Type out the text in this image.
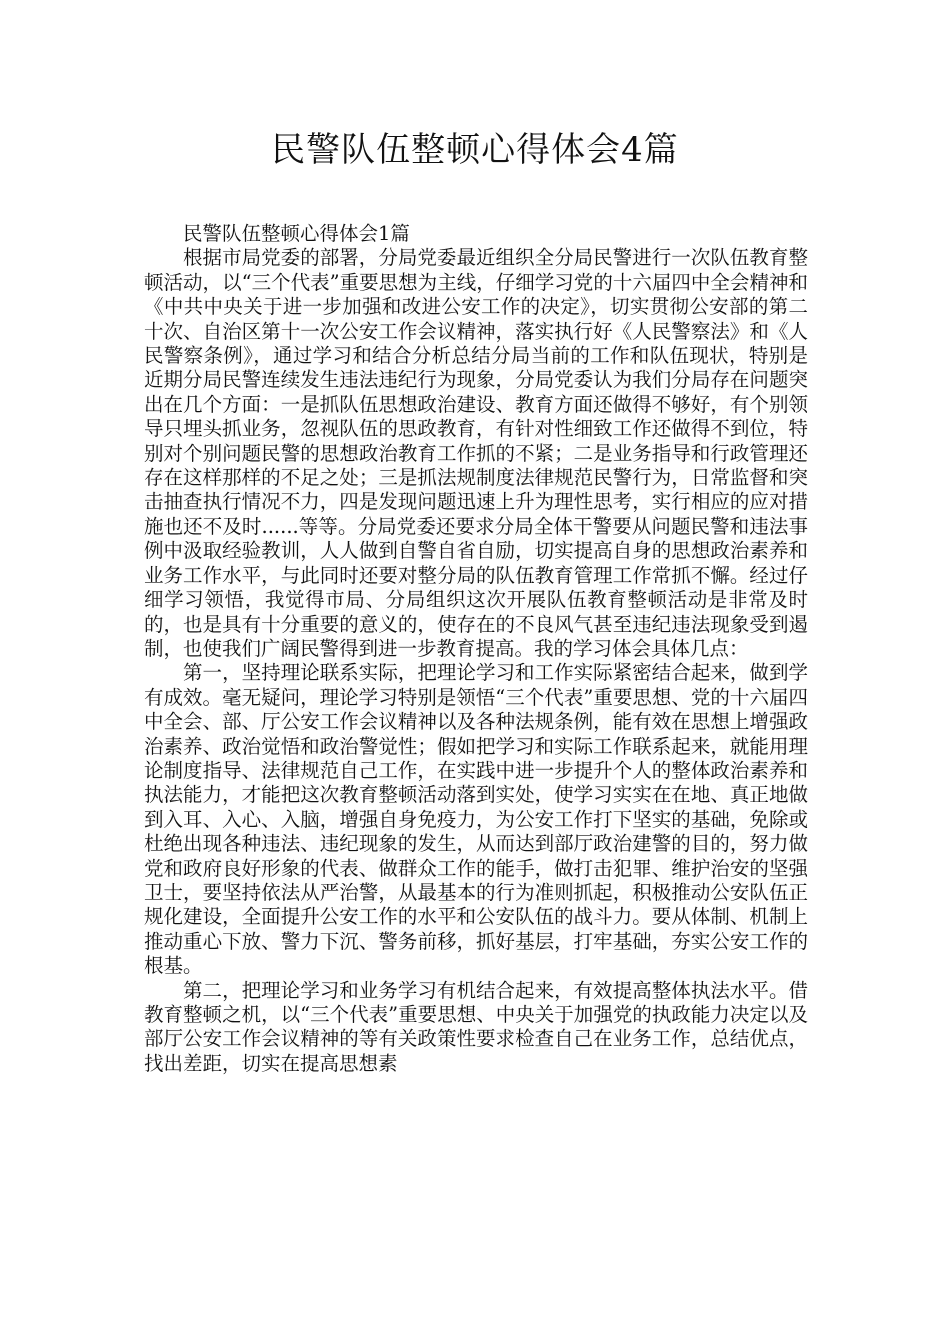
民警队伍整顿心得体会4篇

民警队伍整顿心得体会1篇

根据市局党委的部署，分局党委最近组织全分局民警进行一次队伍教育整顿活动，以“三个代表”重要思想为主线，仔细学习党的十六届四中全会精神和《中共中央关于进一步加强和改进公安工作的决定》，切实贯彻公安部的第二十次、自治区第十一次公安工作会议精神，落实执行好《人民警察法》和《人民警察条例》，通过学习和结合分析总结分局当前的工作和队伍现状，特别是近期分局民警连续发生违法违纪行为现象，分局党委认为我们分局存在问题突出在几个方面：一是抓队伍思想政治建设、教育方面还做得不够好，有个别领导只埋头抓业务，忽视队伍的思政教育，有针对性细致工作还做得不到位，特别对个别问题民警的思想政治教育工作抓的不紧；二是业务指导和行政管理还存在这样那样的不足之处；三是抓法规制度法律规范民警行为，日常监督和突击抽查执行情况不力，四是发现问题迅速上升为理性思考，实行相应的应对措施也还不及时......等等。分局党委还要求分局全体干警要从问题民警和违法事例中汲取经验教训，人人做到自警自省自励，切实提高自身的思想政治素养和业务工作水平，与此同时还要对整分局的队伍教育管理工作常抓不懈。经过仔细学习领悟，我觉得市局、分局组织这次开展队伍教育整顿活动是非常及时的，也是具有十分重要的意义的，使存在的不良风气甚至违纪违法现象受到遏制，也使我们广阔民警得到进一步教育提高。我的学习体会具体几点：

第一，坚持理论联系实际，把理论学习和工作实际紧密结合起来，做到学有成效。毫无疑问，理论学习特别是领悟“三个代表”重要思想、党的十六届四中全会、部、厅公安工作会议精神以及各种法规条例，能有效在思想上增强政治素养、政治觉悟和政治警觉性；假如把学习和实际工作联系起来，就能用理论制度指导、法律规范自己工作，在实践中进一步提升个人的整体政治素养和执法能力，才能把这次教育整顿活动落到实处，使学习实实在在地、真正地做到入耳、入心、入脑，增强自身免疫力，为公安工作打下坚实的基础，免除或杜绝出现各种违法、违纪现象的发生，从而达到部厅政治建警的目的，努力做党和政府良好形象的代表、做群众工作的能手，做打击犯罪、维护治安的坚强卫士，要坚持依法从严治警，从最基本的行为准则抓起，积极推动公安队伍正规化建设，全面提升公安工作的水平和公安队伍的战斗力。要从体制、机制上推动重心下放、警力下沉、警务前移，抓好基层，打牢基础，夯实公安工作的根基。

第二，把理论学习和业务学习有机结合起来，有效提高整体执法水平。借教育整顿之机，以“三个代表”重要思想、中央关于加强党的执政能力决定以及部厅公安工作会议精神的等有关政策性要求检查自己在业务工作，总结优点，找出差距，切实在提高思想素
